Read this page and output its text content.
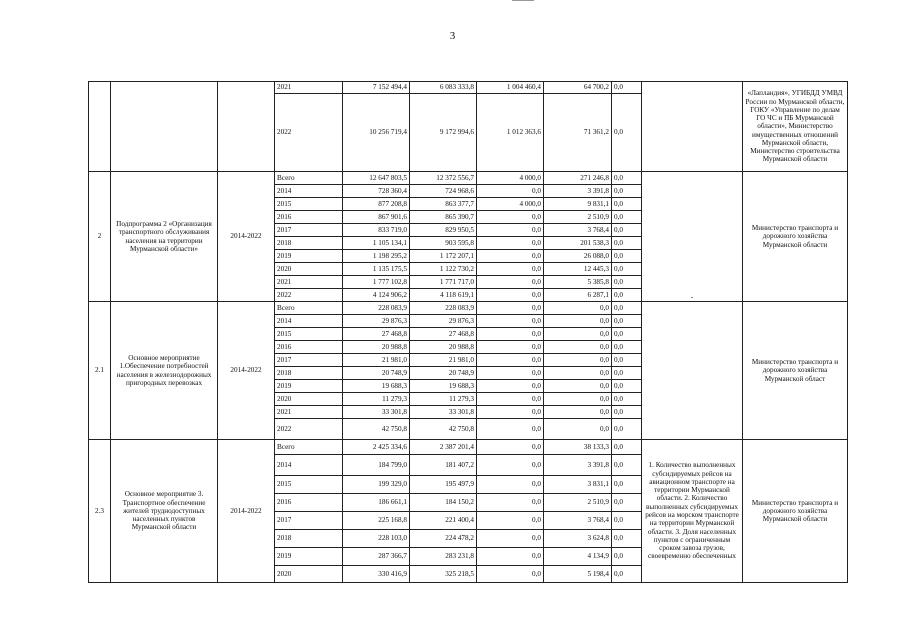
3
			2021	7 152 494,4	6 083 333,8	1 004 460,4	64 700,2	0,0		«Лапландия», УГИБДД УМВД России по Мурманской области, ГОКУ «Управление по делам ГО ЧС и ПБ Мурманской области», Министерство имущественных отношений Мурманской области, Министерство строительства Мурманской области
			2022	10 256 719,4	9 172 994,6	1 012 363,6	71 361,2	0,0		
2	Подпрограмма 2 «Организация транспортного обслуживания населения на территории Мурманской области»	2014-2022	Всего	12 647 803,5	12 372 556,7	4 000,0	271 246,8	0,0	-	Министерство транспорта и дорожного хозяйства Мурманской области
			2014	728 360,4	724 968,6	0,0	3 391,8	0,0		
			2015	877 208,8	863 377,7	4 000,0	9 831,1	0,0		
			2016	867 901,6	865 390,7	0,0	2 510,9	0,0		
			2017	833 719,0	829 950,5	0,0	3 768,4	0,0		
			2018	1 105 134,1	903 595,8	0,0	201 538,3	0,0		
			2019	1 198 295,2	1 172 207,1	0,0	26 088,0	0,0		
			2020	1 135 175,5	1 122 730,2	0,0	12 445,3	0,0		
			2021	1 777 102,8	1 771 717,0	0,0	5 385,8	0,0		
			2022	4 124 906,2	4 118 619,1	0,0	6 287,1	0,0		
2.1	Основное мероприятие 1.Обеспечение потребностей населения в железнодорожных пригородных перевозках	2014-2022	Всего	228 083,9	228 083,9	0,0	0,0	0,0		Министерство транспорта и дорожного хозяйства Мурманской област
			2014	29 876,3	29 876,3	0,0	0,0	0,0		
			2015	27 468,8	27 468,8	0,0	0,0	0,0		
			2016	20 988,8	20 988,8	0,0	0,0	0,0		
			2017	21 981,0	21 981,0	0,0	0,0	0,0		
			2018	20 748,9	20 748,9	0,0	0,0	0,0		
			2019	19 688,3	19 688,3	0,0	0,0	0,0		
			2020	11 279,3	11 279,3	0,0	0,0	0,0		
			2021	33 301,8	33 301,8	0,0	0,0	0,0		
			2022	42 750,8	42 750,8	0,0	0,0	0,0		
2.3	Основное мероприятие 3. Транспортное обеспечение жителей труднодоступных населенных пунктов Мурманской области	2014-2022	Всего	2 425 334,6	2 387 201,4	0,0	38 133,3	0,0	1. Количество выполненных субсидируемых рейсов на авиационном транспорте на территории Мурманской области. 2. Количество выполненных субсидируемых рейсов на морском транспорте на территории Мурманской области. 3. Доля населенных пунктов с ограниченным сроком завоза грузов, своевременно обеспеченных	Министерство транспорта и дорожного хозяйства Мурманской области
			2014	184 799,0	181 407,2	0,0	3 391,8	0,0		
			2015	199 329,0	195 497,9	0,0	3 831,1	0,0		
			2016	186 661,1	184 150,2	0,0	2 510,9	0,0		
			2017	225 168,8	221 400,4	0,0	3 768,4	0,0		
			2018	228 103,0	224 478,2	0,0	3 624,8	0,0		
			2019	287 366,7	283 231,8	0,0	4 134,9	0,0		
			2020	330 416,9	325 218,5	0,0	5 198,4	0,0		
